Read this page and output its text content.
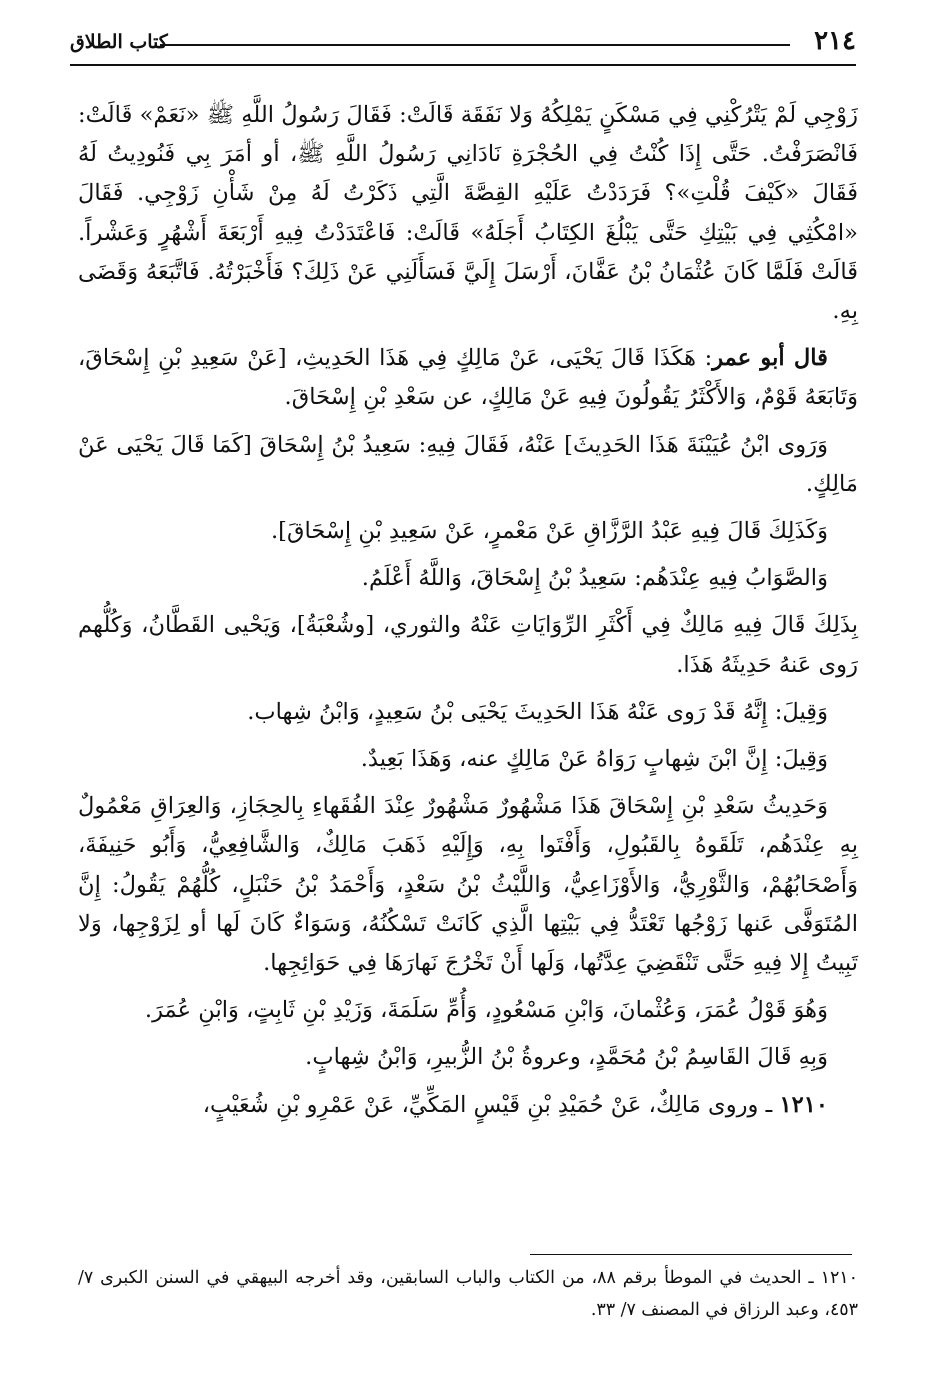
٢١٤
كتاب الطلاق

زَوْجِي لَمْ يَتْرُكْنِي فِي مَسْكَنٍ يَمْلِكُهُ وَلا نَفَقَة قَالَتْ: فَقَالَ رَسُولُ اللَّهِ ﷺ «نَعَمْ» قَالَتْ: فَانْصَرَفْتُ. حَتَّى إِذَا كُنْتُ فِي الحُجْرَةِ نَادَانِي رَسُولُ اللَّهِ ﷺ، أو أمَرَ بِي فَنُودِيتُ لَهُ فَقَالَ «كَيْفَ قُلْتِ»؟ فَرَدَدْتُ عَلَيْهِ القِصَّةَ الَّتِي ذَكَرْتُ لَهُ مِنْ شَأْنِ زَوْجِي. فَقَالَ «امْكُثِي فِي بَيْتِكِ حَتَّى يَبْلُغَ الكِتَابُ أَجَلَهُ» قَالَتْ: فَاعْتَدَدْتُ فِيهِ أَرْبَعَةَ أَشْهُرٍ وَعَشْراً. قَالَتْ فَلَمَّا كَانَ عُثْمَانُ بْنُ عَفَّانَ، أَرْسَلَ إِلَيَّ فَسَأَلَنِي عَنْ ذَلِكَ؟ فَأَخْبَرْتُهُ. فَاتَّبَعَهُ وَقَضَى بِهِ.

قال أبو عمر: هَكَذَا قَالَ يَحْيَى، عَنْ مَالِكٍ فِي هَذَا الحَدِيثِ، [عَنْ سَعِيدِ بْنِ إِسْحَاقَ، وَتَابَعَهُ قَوْمٌ، وَالأَكْثَرُ يَقُولُونَ فِيهِ عَنْ مَالِكٍ، عن سَعْدِ بْنِ إِسْحَاقَ.

وَرَوى ابْنُ عُيَيْنَةَ هَذَا الحَدِيثَ] عَنْهُ، فَقَالَ فِيهِ: سَعِيدُ بْنُ إِسْحَاقَ [كَمَا قَالَ يَحْيَى عَنْ مَالِكٍ.

وَكَذَلِكَ قَالَ فِيهِ عَبْدُ الرَّزَّاقِ عَنْ مَعْمرٍ، عَنْ سَعِيدِ بْنِ إِسْحَاقَ].

وَالصَّوَابُ فِيهِ عِنْدَهُم: سَعِيدُ بْنُ إِسْحَاقَ، وَاللَّهُ أَعْلَمُ.

بِذَلِكَ قَالَ فِيهِ مَالِكٌ فِي أَكْثَرِ الرِّوَايَاتِ عَنْهُ والثوري، [وشُعْبَةُ]، وَيَحْيى القَطَّانُ، وَكُلُّهم رَوى عَنهُ حَدِيثَهُ هَذَا.

وَقِيلَ: إِنَّهُ قَدْ رَوى عَنْهُ هَذَا الحَدِيثَ يَحْيَى بْنُ سَعِيدٍ، وَابْنُ شِهاب.

وَقِيلَ: إِنَّ ابْنَ شِهابٍ رَوَاهُ عَنْ مَالِكٍ عنه، وَهَذَا بَعِيدٌ.

وَحَدِيثُ سَعْدِ بْنِ إِسْحَاقَ هَذَا مَشْهُورٌ مَشْهُورٌ عِنْدَ الفُقَهاءِ بِالحِجَازِ، وَالعِرَاقِ مَعْمُولٌ بِهِ عِنْدَهُم، تَلَقَوهُ بِالقَبُولِ، وَأَفْتَوا بِهِ، وَإِلَيْهِ ذَهَبَ مَالِكٌ، وَالشَّافِعِيُّ، وَأَبُو حَنِيفَةَ، وَأَصْحَابُهُمْ، وَالثَّوْرِيُّ، وَالأَوْزَاعِيُّ، وَاللَّيْثُ بْنُ سَعْدٍ، وَأَحْمَدُ بْنُ حَنْبَلٍ، كُلُّهُمْ يَقُولُ: إِنَّ المُتَوَفَّى عَنها زَوْجُها تَعْتَدُّ فِي بَيْتِها الَّذِي كَانَتْ تَسْكُنُهُ، وَسَوَاءٌ كَانَ لَها أو لِزَوْجِها، وَلا تَبِيتُ إِلا فِيهِ حَتَّى تَنْقَضِيَ عِدَّتُها، وَلَها أَنْ تَخْرُجَ نَهارَهَا فِي حَوَائِجِها.

وَهُوَ قَوْلُ عُمَرَ، وَعُثْمانَ، وَابْنِ مَسْعُودٍ، وَأُمِّ سَلَمَةَ، وَزَيْدِ بْنِ ثَابِتٍ، وَابْنِ عُمَرَ.

وَبِهِ قَالَ القَاسِمُ بْنُ مُحَمَّدٍ، وعروةُ بْنُ الزُّبيرِ، وَابْنُ شِهابٍ.

١٢١٠ ـ وروى مَالِكٌ، عَنْ حُمَيْدِ بْنِ قَيْسٍ المَكِّيِّ، عَنْ عَمْرِو بْنِ شُعَيْبٍ،

١٢١٠ ـ الحديث في الموطأ برقم ٨٨، من الكتاب والباب السابقين، وقد أخرجه البيهقي في السنن الكبرى ٧/ ٤٥٣، وعبد الرزاق في المصنف ٧/ ٣٣.
